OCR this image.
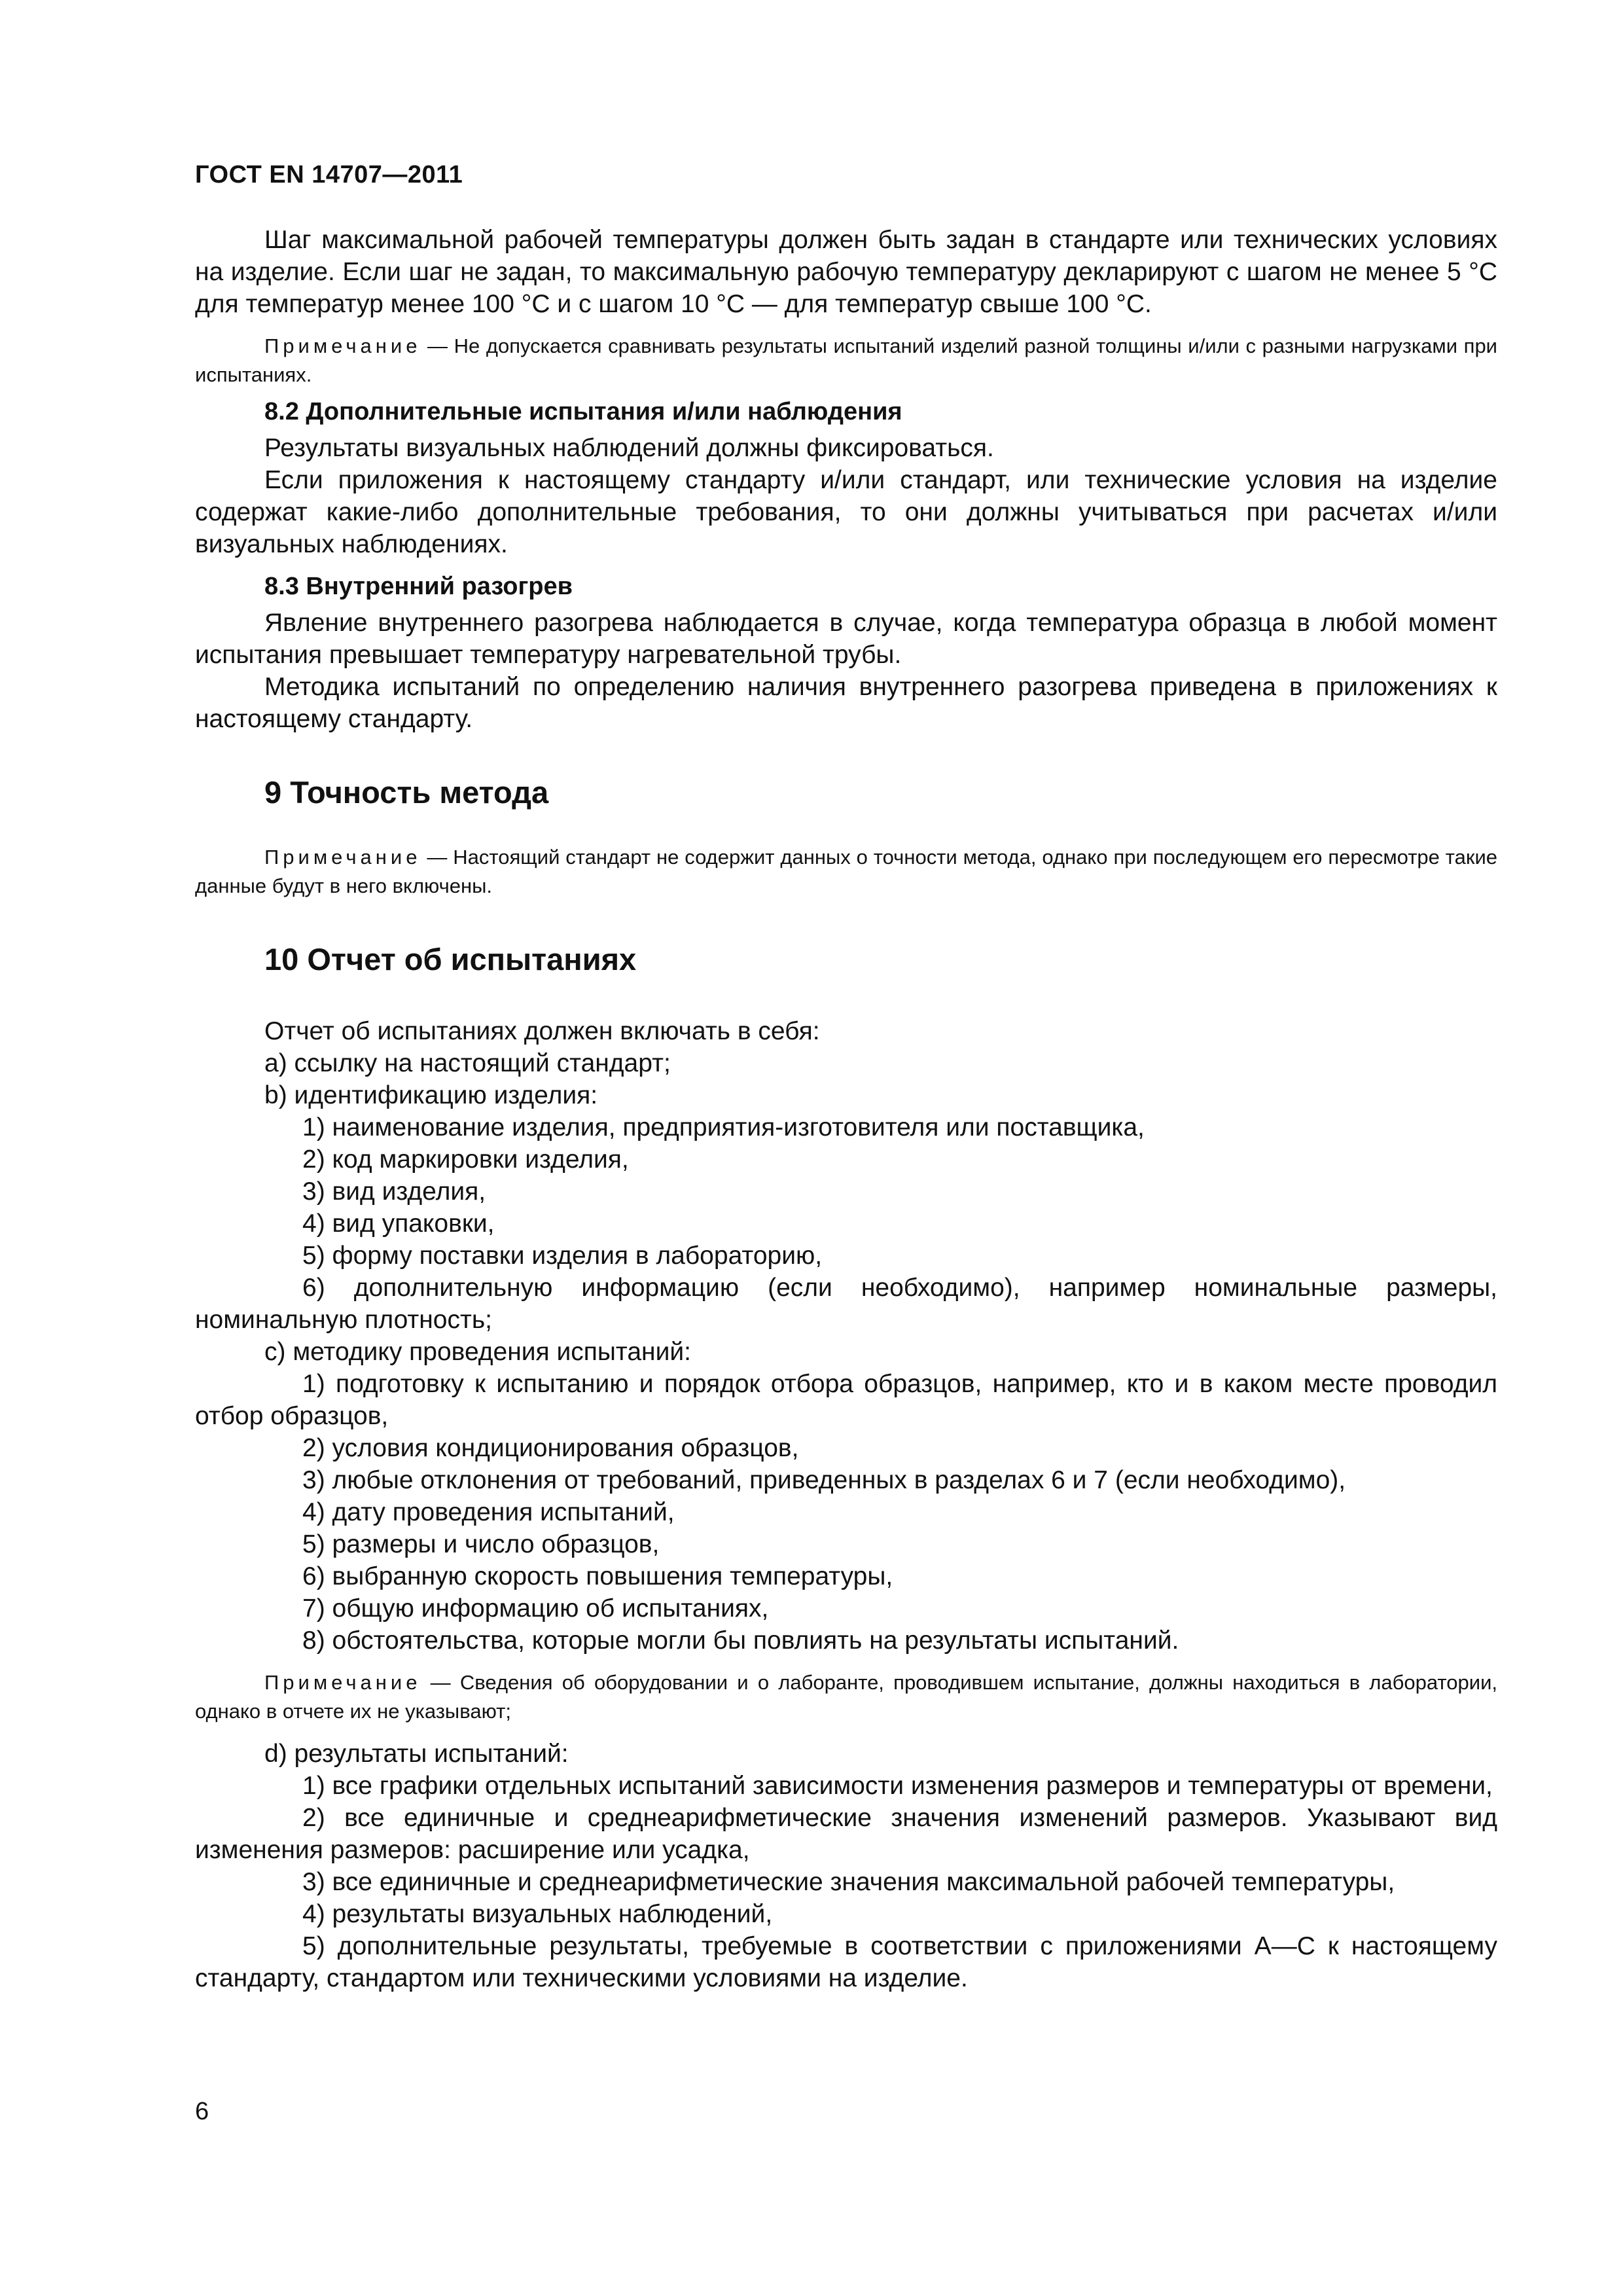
ГОСТ EN 14707—2011

Шаг максимальной рабочей температуры должен быть задан в стандарте или технических условиях на изделие. Если шаг не задан, то максимальную рабочую температуру декларируют с шагом не менее 5 °С для температур менее 100 °С и с шагом 10 °С — для температур свыше 100 °С.

Примечание — Не допускается сравнивать результаты испытаний изделий разной толщины и/или с разными нагрузками при испытаниях.

8.2 Дополнительные испытания и/или наблюдения

Результаты визуальных наблюдений должны фиксироваться.

Если приложения к настоящему стандарту и/или стандарт, или технические условия на изделие содержат какие-либо дополнительные требования, то они должны учитываться при расчетах и/или визуальных наблюдениях.

8.3 Внутренний разогрев

Явление внутреннего разогрева наблюдается в случае, когда температура образца в любой момент испытания превышает температуру нагревательной трубы.

Методика испытаний по определению наличия внутреннего разогрева приведена в приложениях к настоящему стандарту.

9 Точность метода

Примечание — Настоящий стандарт не содержит данных о точности метода, однако при последующем его пересмотре такие данные будут в него включены.

10 Отчет об испытаниях

Отчет об испытаниях должен включать в себя:

a) ссылку на настоящий стандарт;

b) идентификацию изделия:

1) наименование изделия, предприятия-изготовителя или поставщика,

2) код маркировки изделия,

3) вид изделия,

4) вид упаковки,

5) форму поставки изделия в лабораторию,

6) дополнительную информацию (если необходимо), например номинальные размеры, номинальную плотность;

c) методику проведения испытаний:

1) подготовку к испытанию и порядок отбора образцов, например, кто и в каком месте проводил отбор образцов,

2) условия кондиционирования образцов,

3) любые отклонения от требований, приведенных в разделах 6 и 7 (если необходимо),

4) дату проведения испытаний,

5) размеры и число образцов,

6) выбранную скорость повышения температуры,

7) общую информацию об испытаниях,

8) обстоятельства, которые могли бы повлиять на результаты испытаний.

Примечание — Сведения об оборудовании и о лаборанте, проводившем испытание, должны находиться в лаборатории, однако в отчете их не указывают;

d) результаты испытаний:

1) все графики отдельных испытаний зависимости изменения размеров и температуры от времени,

2) все единичные и среднеарифметические значения изменений размеров. Указывают вид изменения размеров: расширение или усадка,

3) все единичные и среднеарифметические значения максимальной рабочей температуры,

4) результаты визуальных наблюдений,

5) дополнительные результаты, требуемые в соответствии с приложениями А—С к настоящему стандарту, стандартом или техническими условиями на изделие.

6
